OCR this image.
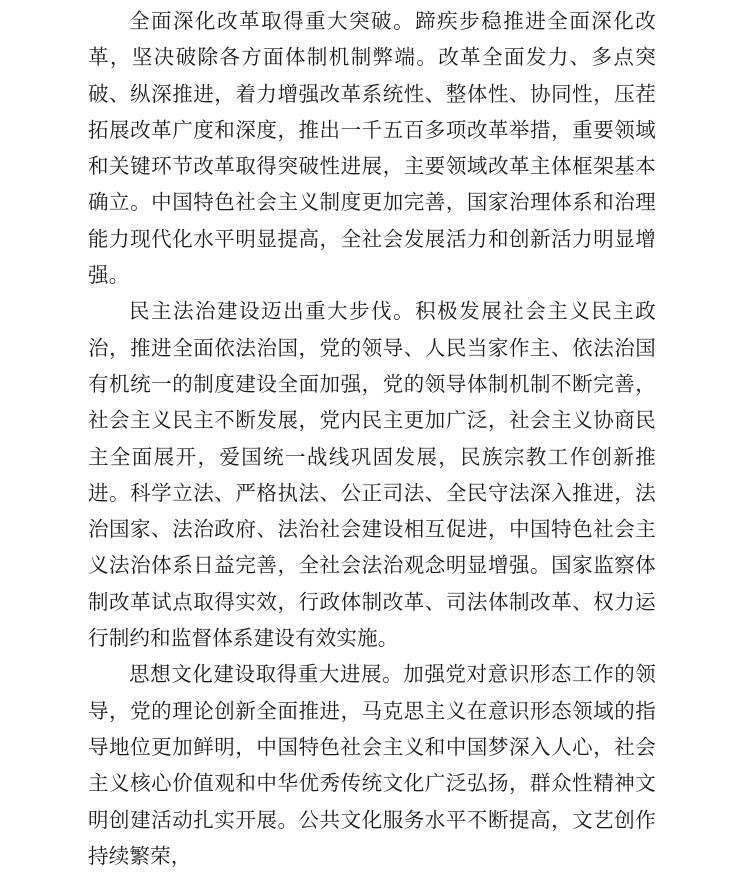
全面深化改革取得重大突破。蹄疾步稳推进全面深化改革，坚决破除各方面体制机制弊端。改革全面发力、多点突破、纵深推进，着力增强改革系统性、整体性、协同性，压茬拓展改革广度和深度，推出一千五百多项改革举措，重要领域和关键环节改革取得突破性进展，主要领域改革主体框架基本确立。中国特色社会主义制度更加完善，国家治理体系和治理能力现代化水平明显提高，全社会发展活力和创新活力明显增强。

民主法治建设迈出重大步伐。积极发展社会主义民主政治，推进全面依法治国，党的领导、人民当家作主、依法治国有机统一的制度建设全面加强，党的领导体制机制不断完善，社会主义民主不断发展，党内民主更加广泛，社会主义协商民主全面展开，爱国统一战线巩固发展，民族宗教工作创新推进。科学立法、严格执法、公正司法、全民守法深入推进，法治国家、法治政府、法治社会建设相互促进，中国特色社会主义法治体系日益完善，全社会法治观念明显增强。国家监察体制改革试点取得实效，行政体制改革、司法体制改革、权力运行制约和监督体系建设有效实施。

思想文化建设取得重大进展。加强党对意识形态工作的领导，党的理论创新全面推进，马克思主义在意识形态领域的指导地位更加鲜明，中国特色社会主义和中国梦深入人心，社会主义核心价值观和中华优秀传统文化广泛弘扬，群众性精神文明创建活动扎实开展。公共文化服务水平不断提高，文艺创作持续繁荣，
